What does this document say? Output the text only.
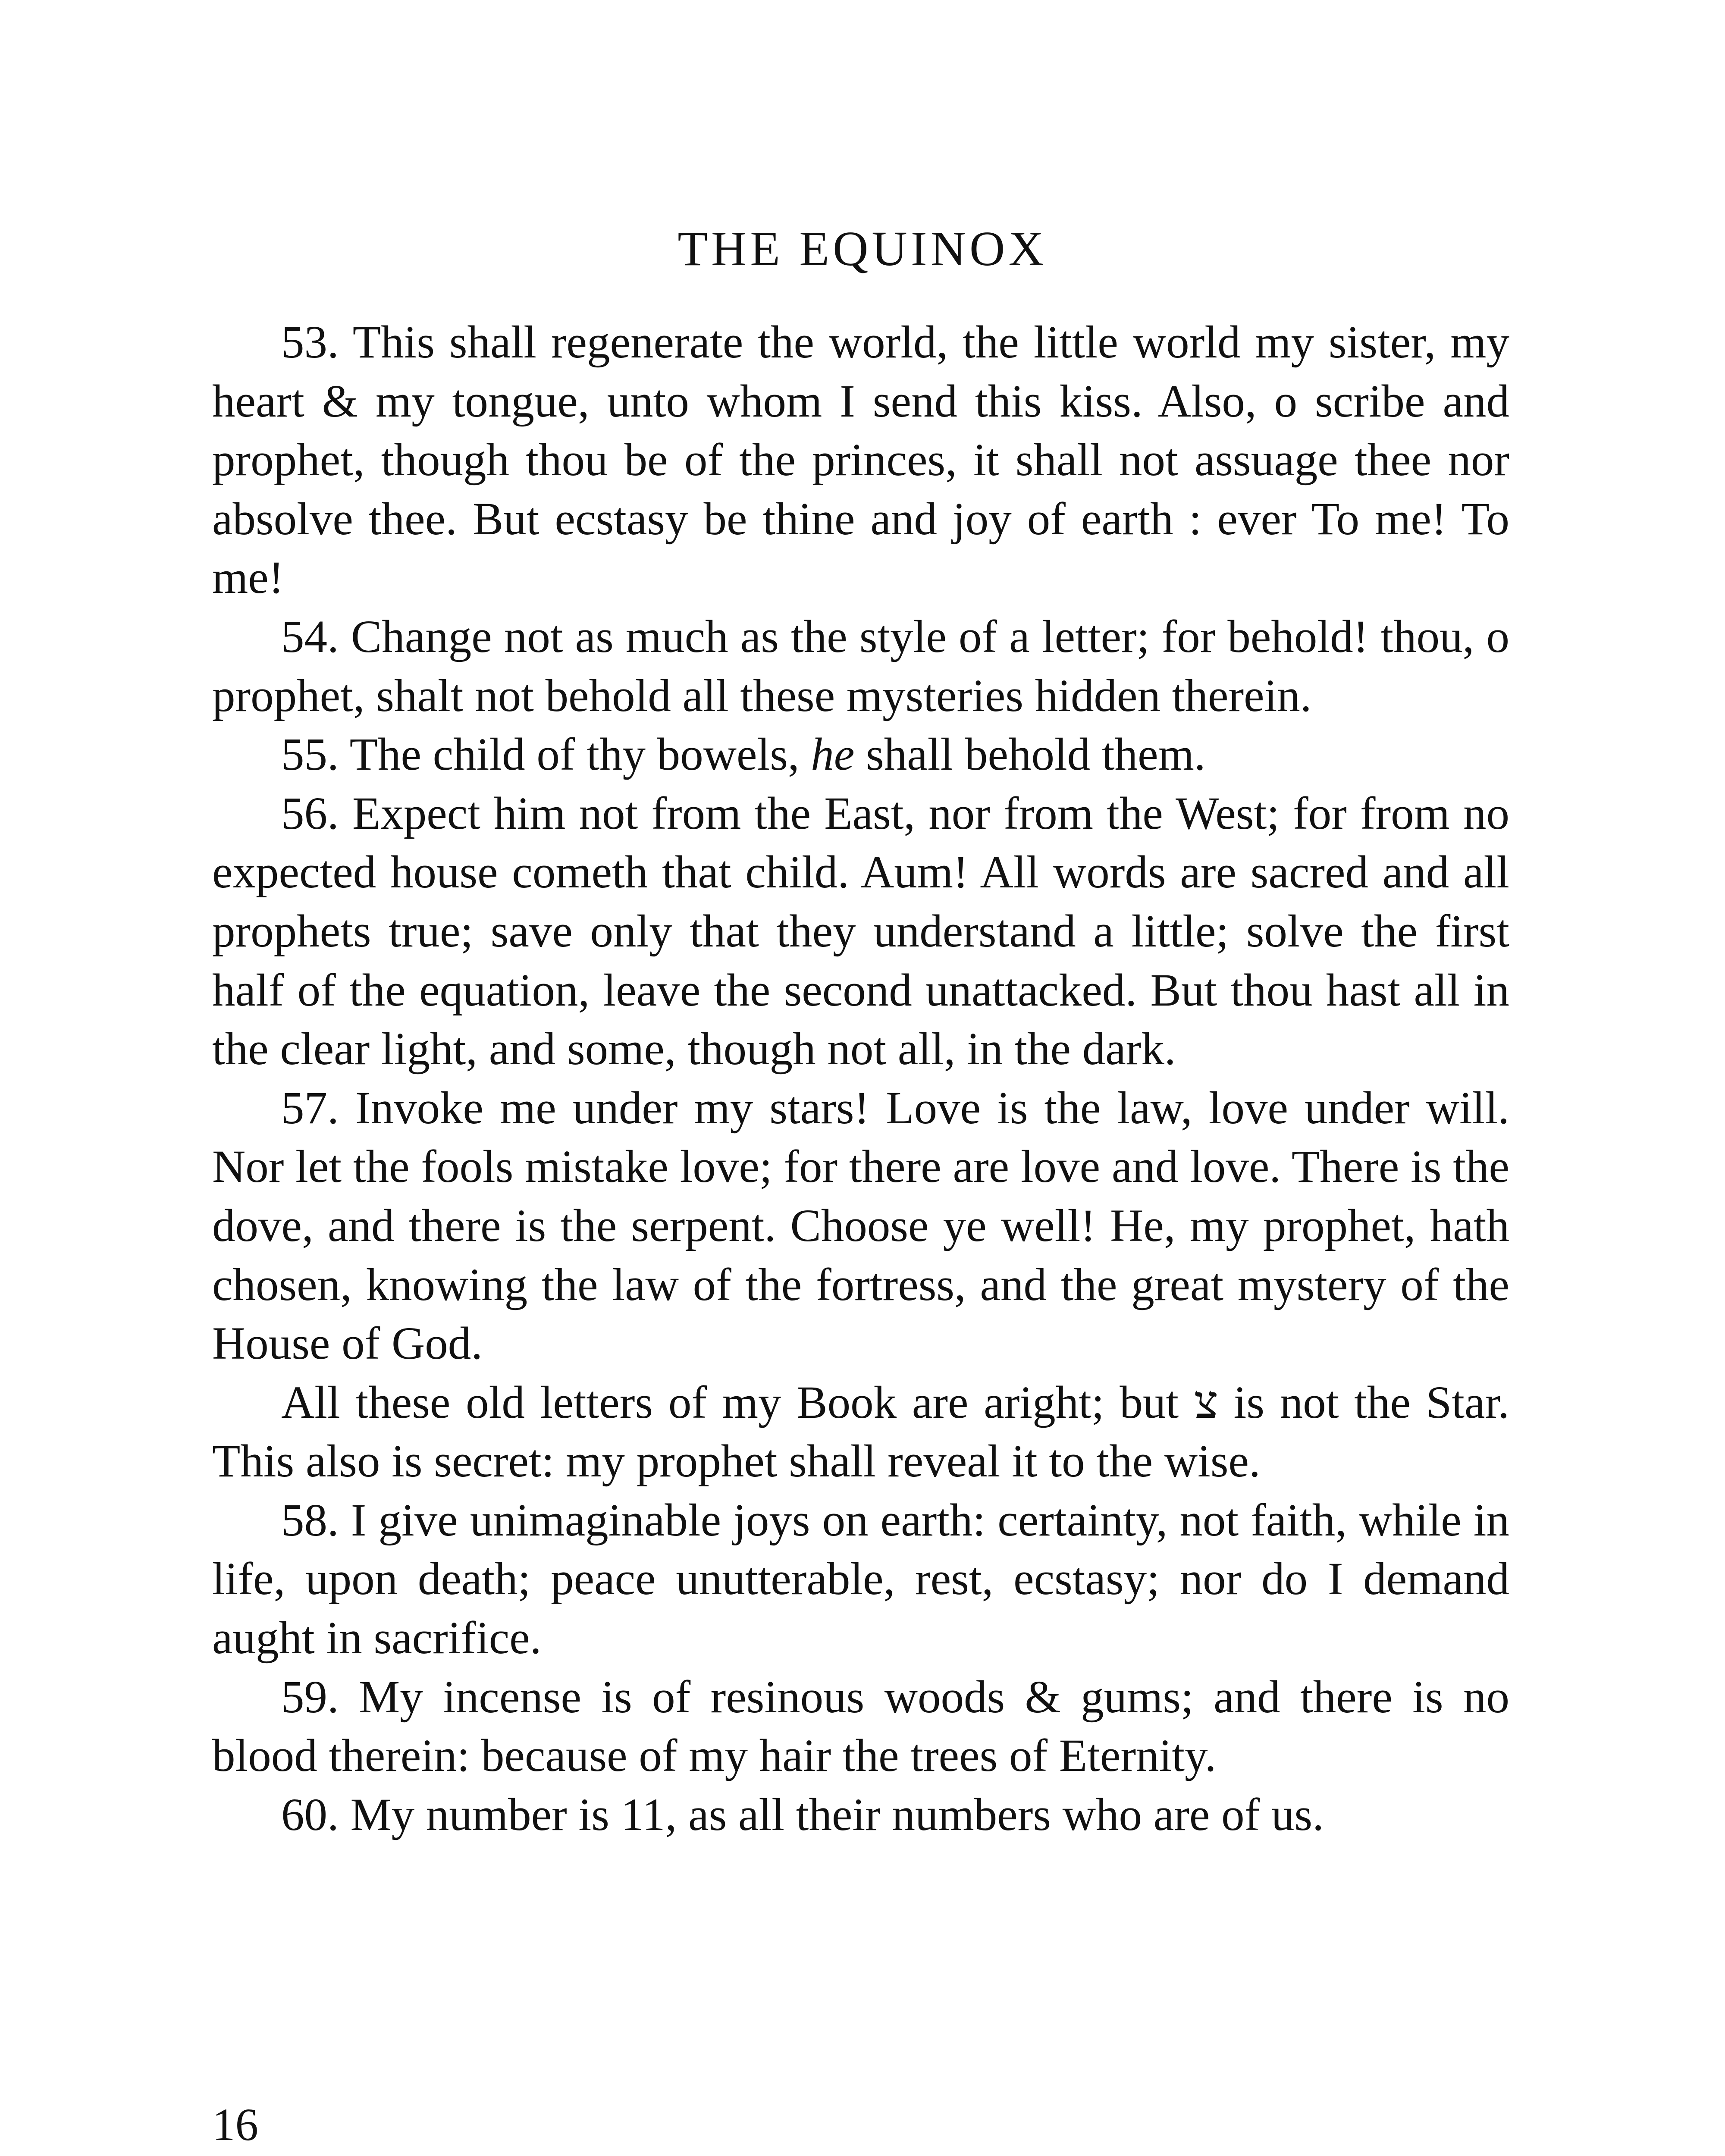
THE EQUINOX

53. This shall regenerate the world, the little world my sister, my heart & my tongue, unto whom I send this kiss. Also, o scribe and prophet, though thou be of the princes, it shall not assuage thee nor absolve thee. But ecstasy be thine and joy of earth : ever To me! To me!

54. Change not as much as the style of a letter; for behold! thou, o prophet, shalt not behold all these mysteries hidden therein.

55. The child of thy bowels, he shall behold them.

56. Expect him not from the East, nor from the West; for from no expected house cometh that child. Aum! All words are sacred and all prophets true; save only that they understand a little; solve the first half of the equation, leave the second unattacked. But thou hast all in the clear light, and some, though not all, in the dark.

57. Invoke me under my stars! Love is the law, love under will. Nor let the fools mistake love; for there are love and love. There is the dove, and there is the serpent. Choose ye well! He, my prophet, hath chosen, knowing the law of the fortress, and the great mystery of the House of God.

All these old letters of my Book are aright; but צ is not the Star. This also is secret: my prophet shall reveal it to the wise.

58. I give unimaginable joys on earth: certainty, not faith, while in life, upon death; peace unutterable, rest, ecstasy; nor do I demand aught in sacrifice.

59. My incense is of resinous woods & gums; and there is no blood therein: because of my hair the trees of Eternity.

60. My number is 11, as all their numbers who are of us.

16
